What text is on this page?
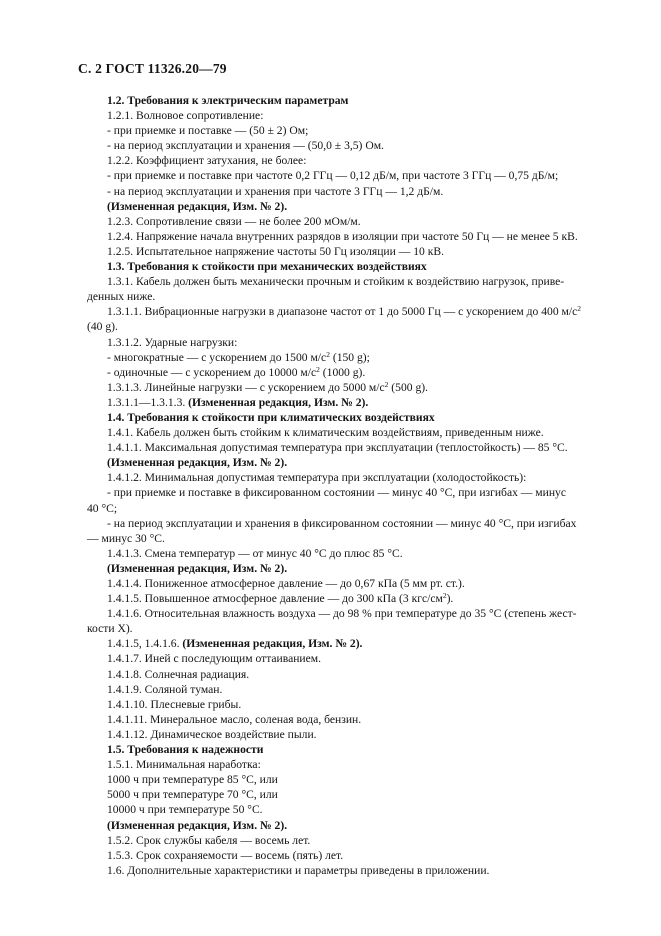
С. 2 ГОСТ 11326.20—79

1.2. Требования к электрическим параметрам

1.2.1. Волновое сопротивление:

- при приемке и поставке — (50 ± 2) Ом;

- на период эксплуатации и хранения — (50,0 ± 3,5) Ом.

1.2.2. Коэффициент затухания, не более:

- при приемке и поставке при частоте 0,2 ГГц — 0,12 дБ/м, при частоте 3 ГГц — 0,75 дБ/м;

- на период эксплуатации и хранения при частоте 3 ГГц — 1,2 дБ/м.

(Измененная редакция, Изм. № 2).

1.2.3. Сопротивление связи — не более 200 мОм/м.

1.2.4. Напряжение начала внутренних разрядов в изоляции при частоте 50 Гц — не менее 5 кВ.

1.2.5. Испытательное напряжение частоты 50 Гц изоляции — 10 кВ.

1.3. Требования к стойкости при механических воздействиях

1.3.1. Кабель должен быть механически прочным и стойким к воздействию нагрузок, приве-

денных ниже.

1.3.1.1. Вибрационные нагрузки в диапазоне частот от 1 до 5000 Гц — с ускорением до 400 $м/с^2$

(40 g).

1.3.1.2. Ударные нагрузки:

- многократные — с ускорением до 1500 $м/с^2$ (150 g);

- одиночные — с ускорением до 10000 $м/с^2$ (1000 g).

1.3.1.3. Линейные нагрузки — с ускорением до 5000 $м/с^2$ (500 g).

1.3.1.1—1.3.1.3. (Измененная редакция, Изм. № 2).

1.4. Требования к стойкости при климатических воздействиях

1.4.1. Кабель должен быть стойким к климатическим воздействиям, приведенным ниже.

1.4.1.1. Максимальная допустимая температура при эксплуатации (теплостойкость) — 85 °С.

(Измененная редакция, Изм. № 2).

1.4.1.2. Минимальная допустимая температура при эксплуатации (холодостойкость):

- при приемке и поставке в фиксированном состоянии — минус 40 °С, при изгибах — минус

40 °С;

- на период эксплуатации и хранения в фиксированном состоянии — минус 40 °С, при изгибах

— минус 30 °С.

1.4.1.3. Смена температур — от минус 40 °С до плюс 85 °С.

(Измененная редакция, Изм. № 2).

1.4.1.4. Пониженное атмосферное давление — до 0,67 кПа (5 мм рт. ст.).

1.4.1.5. Повышенное атмосферное давление — до 300 кПа (3 кгс/$см^2$).

1.4.1.6. Относительная влажность воздуха — до 98 % при температуре до 35 °С (степень жест-

кости Х).

1.4.1.5, 1.4.1.6. (Измененная редакция, Изм. № 2).

1.4.1.7. Иней с последующим оттаиванием.

1.4.1.8. Солнечная радиация.

1.4.1.9. Соляной туман.

1.4.1.10. Плесневые грибы.

1.4.1.11. Минеральное масло, соленая вода, бензин.

1.4.1.12. Динамическое воздействие пыли.

1.5. Требования к надежности

1.5.1. Минимальная наработка:

1000 ч при температуре 85 °С, или

5000 ч при температуре 70 °С, или

10000 ч при температуре 50 °С.

(Измененная редакция, Изм. № 2).

1.5.2. Срок службы кабеля — восемь лет.

1.5.3. Срок сохраняемости — восемь (пять) лет.

1.6. Дополнительные характеристики и параметры приведены в приложении.
